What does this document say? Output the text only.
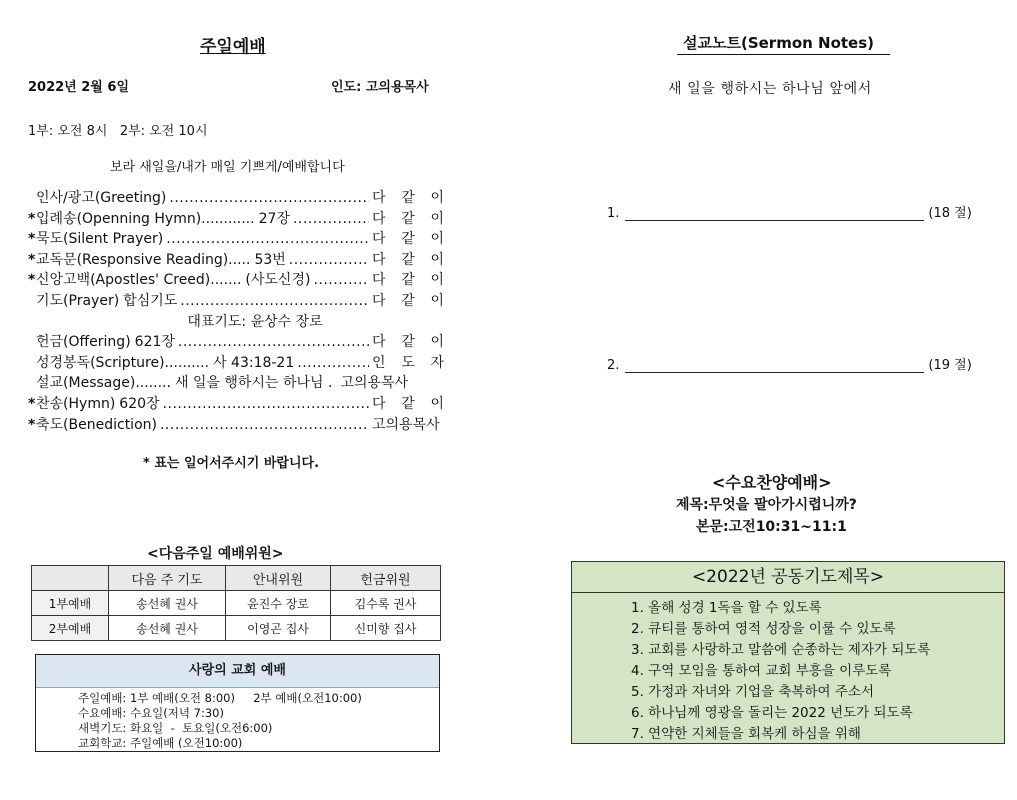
주일예배
2022년 2월 6일	인도: 고의용목사
1부: 오전 8시   2부: 오전 10시
보라 새일을/내가 매일 기쁘게/예배합니다
인사/광고(Greeting) .....	다 같 이
* 입례송(Openning Hymn)............ 27장 .....	다 같 이
* 묵도(Silent Prayer) .....	다 같 이
* 교독문(Responsive Reading)..... 53번 .....	다 같 이
* 신앙고백(Apostles' Creed)....... (사도신경) .....	다 같 이
기도(Prayer) 합심기도 .....	다 같 이
대표기도: 윤상수 장로
헌금(Offering) 621장 .....	다 같 이
성경봉독(Scripture).......... 사 43:18-21 .....	인 도 자
설교(Message)........ 새 일을 행하시는 하나님 . 고의용목사
* 찬송(Hymn) 620장 .....	다 같 이
* 축도(Benediction) .....	고의용목사
* 표는 일어서주시기 바랍니다.
<다음주일 예배위원>
	다음 주 기도	안내위원	헌금위원
1부예배	송선혜 권사	윤진수 장로	김수록 권사
2부예배	송선혜 권사	이영곤 집사	신미향 집사
사랑의 교회 예배
주일예배: 1부 예배(오전 8:00)     2부 예배(오전10:00)
수요예배: 수요일(저녁 7:30)
새벽기도: 화요일  -  토요일(오전6:00)
교회학교: 주일예배 (오전10:00)
설교노트(Sermon Notes)
새 일을 행하시는 하나님 앞에서
1.	(18 절)
2.	(19 절)
<수요찬양예배>
제목:무엇을 팔아가시렵니까?
본문:고전10:31~11:1
<2022년 공동기도제목>
1. 올해 성경 1독을 할 수 있도록
2. 큐티를 통하여 영적 성장을 이룰 수 있도록
3. 교회를 사랑하고 말씀에 순종하는 제자가 되도록
4. 구역 모임을 통하여 교회 부흥을 이루도록
5. 가정과 자녀와 기업을 축복하여 주소서
6. 하나님께 영광을 돌리는 2022 년도가 되도록
7. 연약한 지체들을 회복케 하심을 위해
